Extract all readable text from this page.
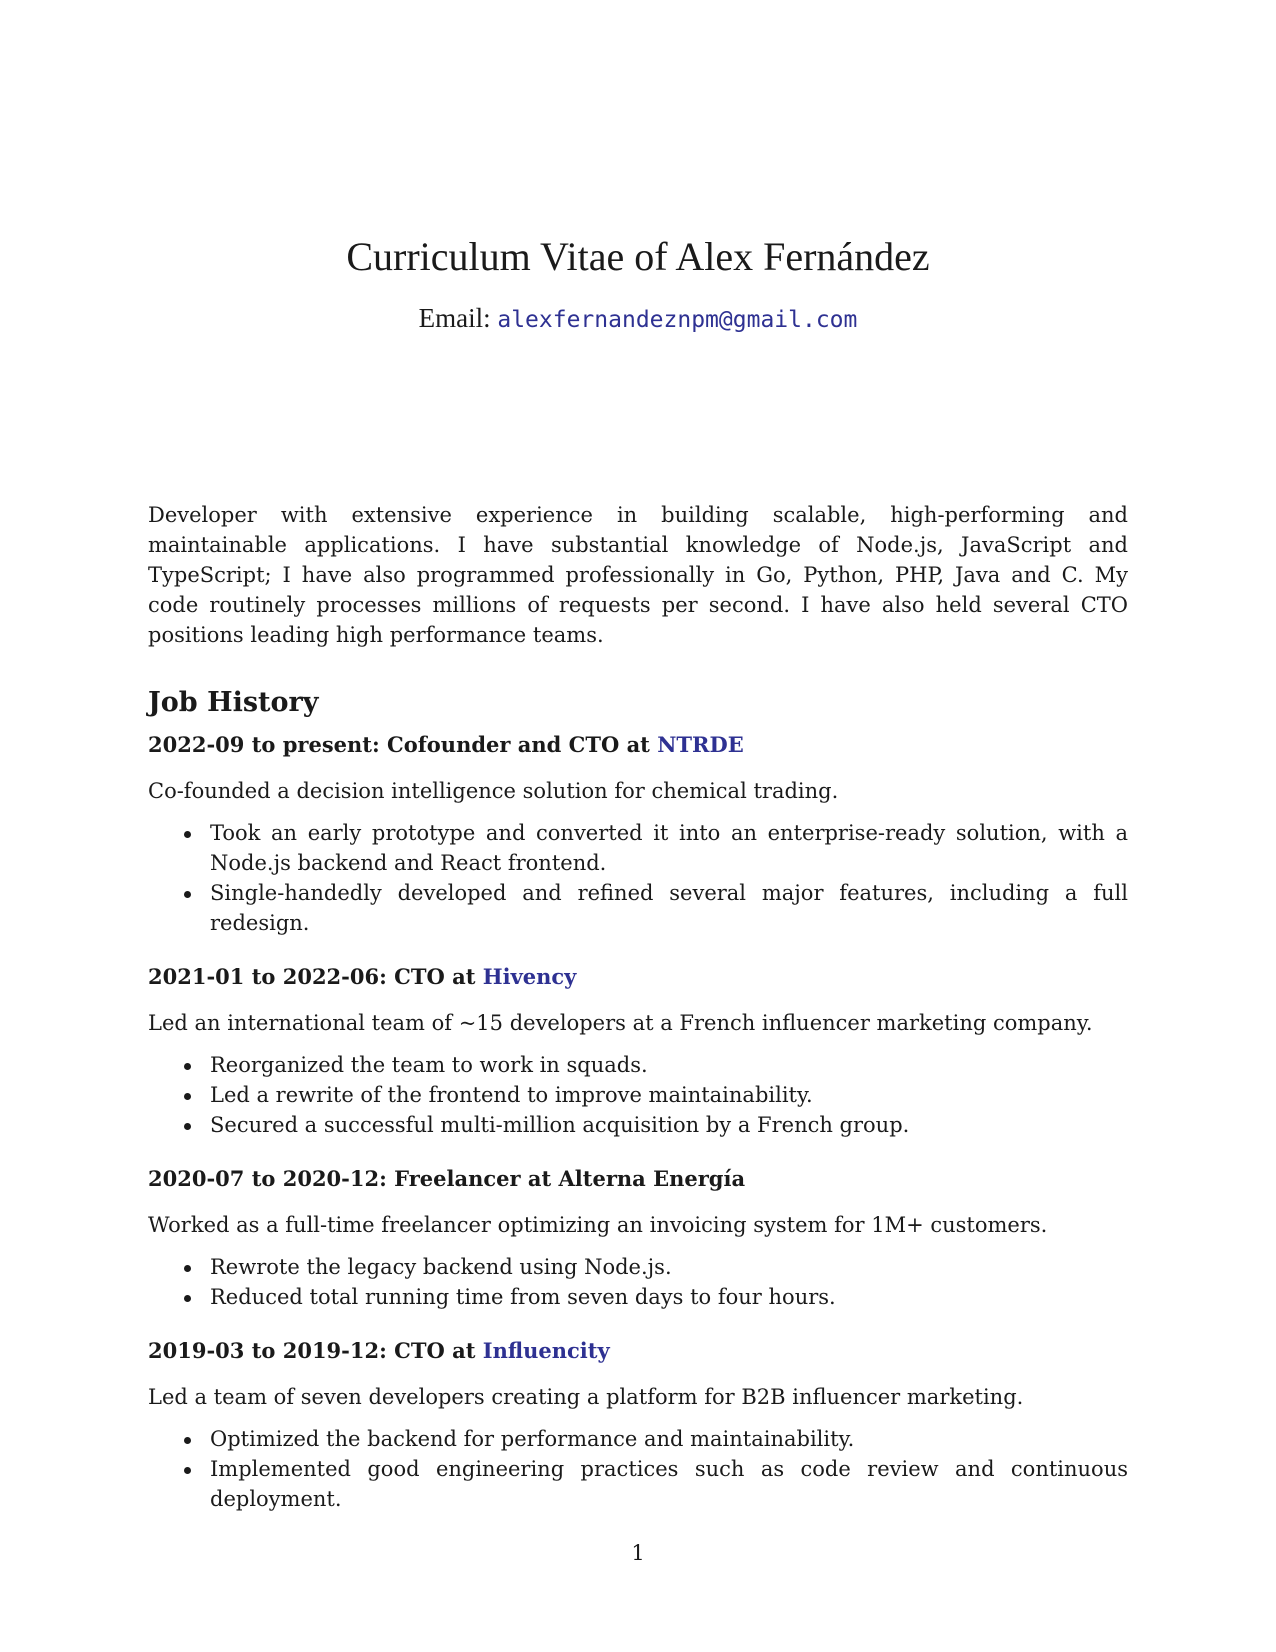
Curriculum Vitae of Alex Fernández
Email: alexfernandeznpm@gmail.com

Developer with extensive experience in building scalable, high-performing and maintainable applications. I have substantial knowledge of Node.js, JavaScript and TypeScript; I have also programmed professionally in Go, Python, PHP, Java and C. My code routinely processes millions of requests per second. I have also held several CTO positions leading high performance teams.

Job History
2022-09 to present: Cofounder and CTO at NTRDE

Co-founded a decision intelligence solution for chemical trading.

Took an early prototype and converted it into an enterprise-ready solution, with a Node.js backend and React frontend.
Single-handedly developed and refined several major features, including a full redesign.
2021-01 to 2022-06: CTO at Hivency

Led an international team of ~15 developers at a French influencer marketing company.

Reorganized the team to work in squads.
Led a rewrite of the frontend to improve maintainability.
Secured a successful multi-million acquisition by a French group.
2020-07 to 2020-12: Freelancer at Alterna Energía

Worked as a full-time freelancer optimizing an invoicing system for 1M+ customers.

Rewrote the legacy backend using Node.js.
Reduced total running time from seven days to four hours.
2019-03 to 2019-12: CTO at Influencity

Led a team of seven developers creating a platform for B2B influencer marketing.

Optimized the backend for performance and maintainability.
Implemented good engineering practices such as code review and continuous deployment.
1
